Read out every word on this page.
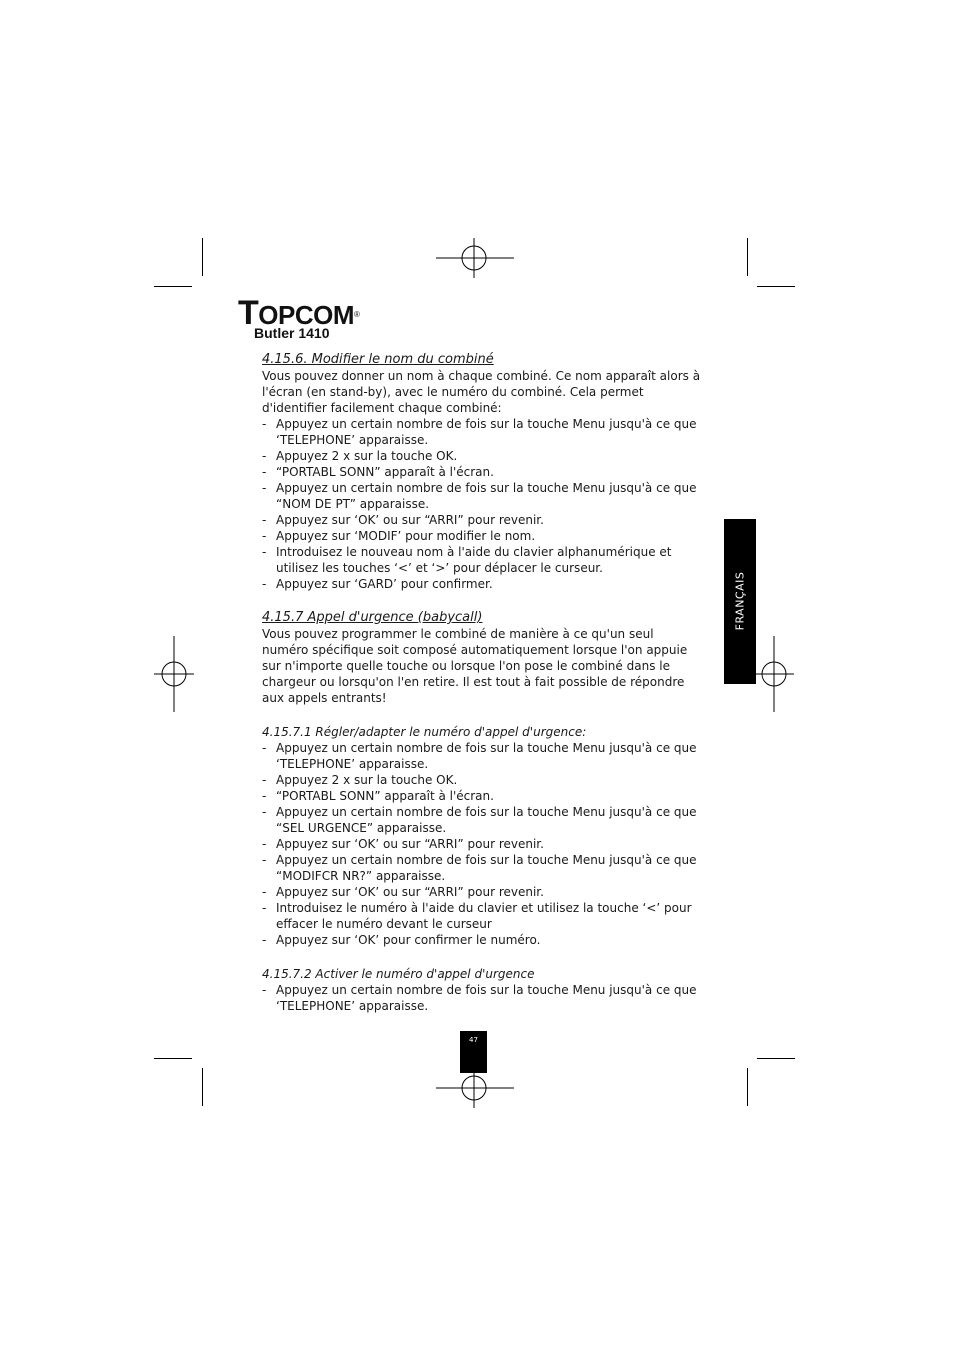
TOPCOM®
Butler 1410
4.15.6. Modifier le nom du combiné

Vous pouvez donner un nom à chaque combiné. Ce nom apparaît alors à l'écran (en stand-by), avec le numéro du combiné. Cela permet d'identifier facilement chaque combiné:

- Appuyez un certain nombre de fois sur la touche Menu jusqu'à ce que ‘TELEPHONE’ apparaisse.
- Appuyez 2 x sur la touche OK.
- “PORTABL SONN” apparaît à l'écran.
- Appuyez un certain nombre de fois sur la touche Menu jusqu'à ce que “NOM DE PT” apparaisse.
- Appuyez sur ‘OK’ ou sur “ARRI” pour revenir.
- Appuyez sur ‘MODIF’ pour modifier le nom.
- Introduisez le nouveau nom à l'aide du clavier alphanumérique et utilisez les touches ‘<’ et ‘>’ pour déplacer le curseur.
- Appuyez sur ‘GARD’ pour confirmer.
4.15.7 Appel d'urgence (babycall)

Vous pouvez programmer le combiné de manière à ce qu'un seul numéro spécifique soit composé automatiquement lorsque l'on appuie sur n'importe quelle touche ou lorsque l'on pose le combiné dans le chargeur ou lorsqu'on l'en retire. Il est tout à fait possible de répondre aux appels entrants!

4.15.7.1 Régler/adapter le numéro d'appel d'urgence:
- Appuyez un certain nombre de fois sur la touche Menu jusqu'à ce que ‘TELEPHONE’ apparaisse.
- Appuyez 2 x sur la touche OK.
- “PORTABL SONN” apparaît à l'écran.
- Appuyez un certain nombre de fois sur la touche Menu jusqu'à ce que “SEL URGENCE” apparaisse.
- Appuyez sur ‘OK’ ou sur “ARRI” pour revenir.
- Appuyez un certain nombre de fois sur la touche Menu jusqu'à ce que “MODIFCR NR?” apparaisse.
- Appuyez sur ‘OK’ ou sur “ARRI” pour revenir.
- Introduisez le numéro à l'aide du clavier et utilisez la touche ‘<’ pour effacer le numéro devant le curseur
- Appuyez sur ‘OK’ pour confirmer le numéro.
4.15.7.2 Activer le numéro d'appel d'urgence
- Appuyez un certain nombre de fois sur la touche Menu jusqu'à ce que ‘TELEPHONE’ apparaisse.
FRANÇAIS
47
